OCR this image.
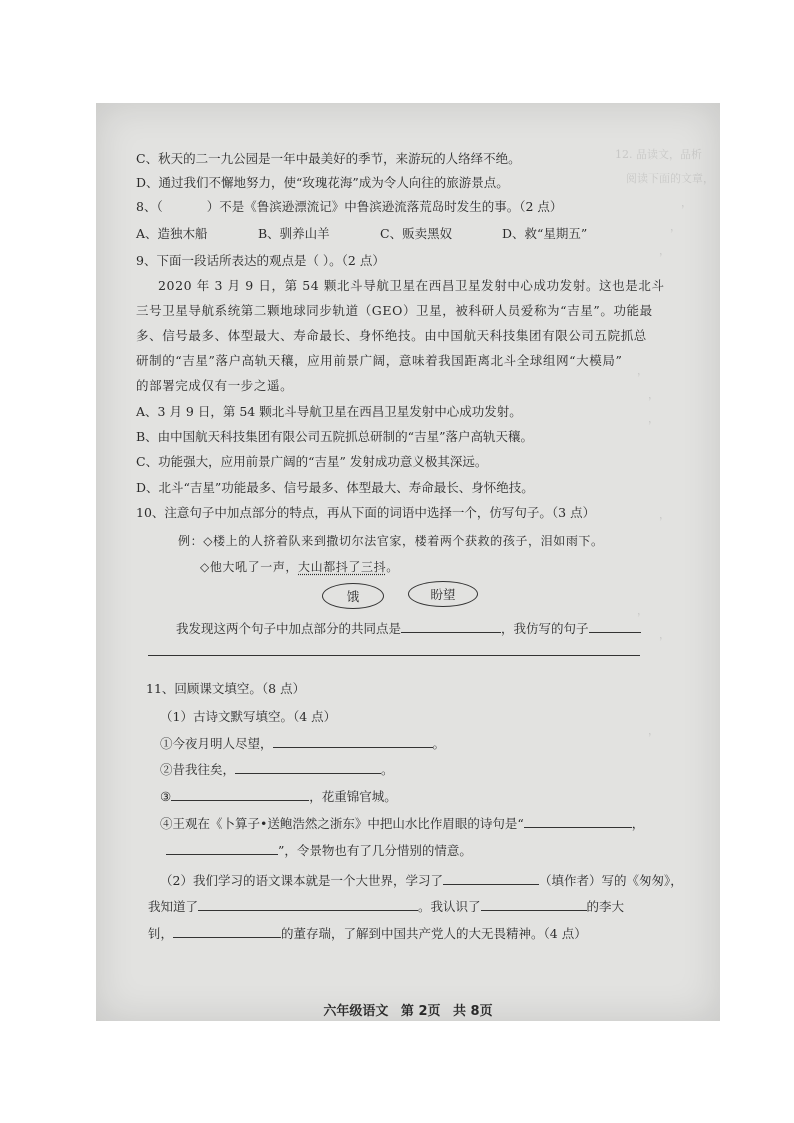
12. 品读文，品析
　阅读下面的文章，
　　　　　　，　
　　　　　，
　　　　，

　　，
　　　，
　　　，

　　　　，

　　，
　　　　，

　　　，
C、秋天的二一九公园是一年中最美好的季节，来游玩的人络绎不绝。
D、通过我们不懈地努力，使“玫瑰花海”成为令人向往的旅游景点。
8、（	）不是《鲁滨逊漂流记》中鲁滨逊流落荒岛时发生的事。（2 点）
A、造独木船	B、驯养山羊	C、贩卖黑奴	D、救“星期五”
9、下面一段话所表达的观点是（ ）。（2 点）
2020 年 3 月 9 日，第 54 颗北斗导航卫星在西昌卫星发射中心成功发射。这也是北斗
三号卫星导航系统第二颗地球同步轨道（GEO）卫星，被科研人员爱称为“吉星”。功能最
多、信号最多、体型最大、寿命最长、身怀绝技。由中国航天科技集团有限公司五院抓总
研制的“吉星”落户高轨天穰，应用前景广阔，意味着我国距离北斗全球组网“大模局”
的部署完成仅有一步之遥。
A、3 月 9 日，第 54 颗北斗导航卫星在西昌卫星发射中心成功发射。
B、由中国航天科技集团有限公司五院抓总研制的“吉星”落户高轨天穰。
C、功能强大，应用前景广阔的“吉星” 发射成功意义极其深远。
D、北斗“吉星”功能最多、信号最多、体型最大、寿命最长、身怀绝技。
10、注意句子中加点部分的特点，再从下面的词语中选择一个，仿写句子。（3 点）
例：◇楼上的人挤着队来到撒切尔法官家，楼着两个获救的孩子，泪如雨下。
◇他大吼了一声，大山都抖了三抖。
饿	盼望
我发现这两个句子中加点部分的共同点是	，我仿写的句子
11、回顾课文填空。（8 点）
（1）古诗文默写填空。（4 点）
①今夜月明人尽望，	。
②昔我往矣，	。
③	，花重锦官城。
④王观在《卜算子•送鲍浩然之浙东》中把山水比作眉眼的诗句是“	，
”，令景物也有了几分惜别的情意。
（2）我们学习的语文课本就是一个大世界，学习了	（填作者）写的《匆匆》，
我知道了	。我认识了	的李大
钊，	的董存瑞，了解到中国共产党人的大无畏精神。（4 点）
六年级语文 第 2页 共 8页
